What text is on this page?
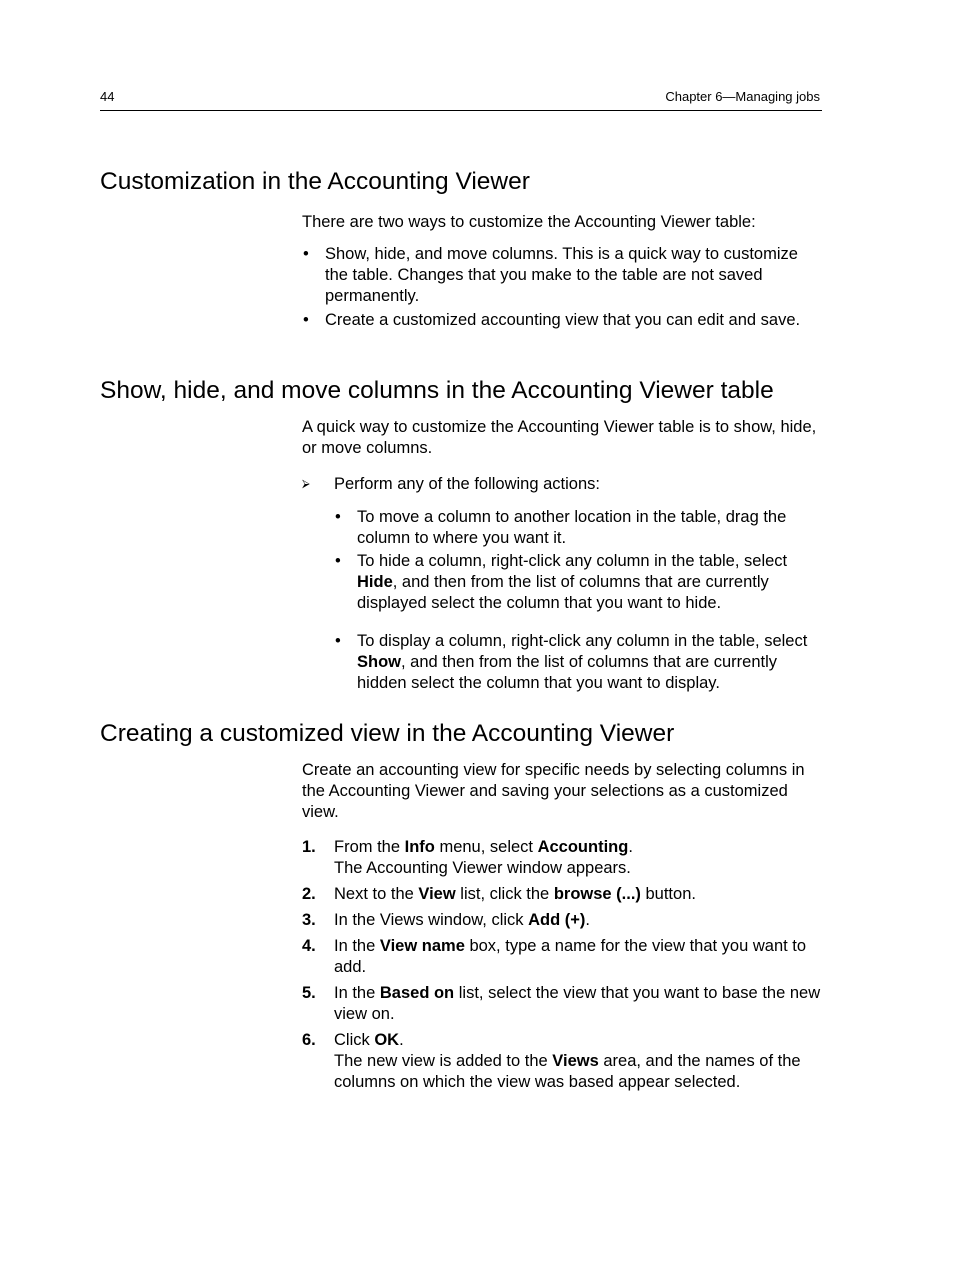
44	Chapter 6—Managing jobs
Customization in the Accounting Viewer

There are two ways to customize the Accounting Viewer table:

• Show, hide, and move columns. This is a quick way to customize the table. Changes that you make to the table are not saved permanently.
• Create a customized accounting view that you can edit and save.
Show, hide, and move columns in the Accounting Viewer table

A quick way to customize the Accounting Viewer table is to show, hide, or move columns.

⮚ Perform any of the following actions:
• To move a column to another location in the table, drag the column to where you want it.
• To hide a column, right-click any column in the table, select Hide, and then from the list of columns that are currently displayed select the column that you want to hide.
• To display a column, right-click any column in the table, select Show, and then from the list of columns that are currently hidden select the column that you want to display.
Creating a customized view in the Accounting Viewer

Create an accounting view for specific needs by selecting columns in the Accounting Viewer and saving your selections as a customized view.

1. From the Info menu, select Accounting.
The Accounting Viewer window appears.
2. Next to the View list, click the browse (...) button.
3. In the Views window, click Add (+).
4. In the View name box, type a name for the view that you want to add.
5. In the Based on list, select the view that you want to base the new view on.
6. Click OK.
The new view is added to the Views area, and the names of the columns on which the view was based appear selected.
